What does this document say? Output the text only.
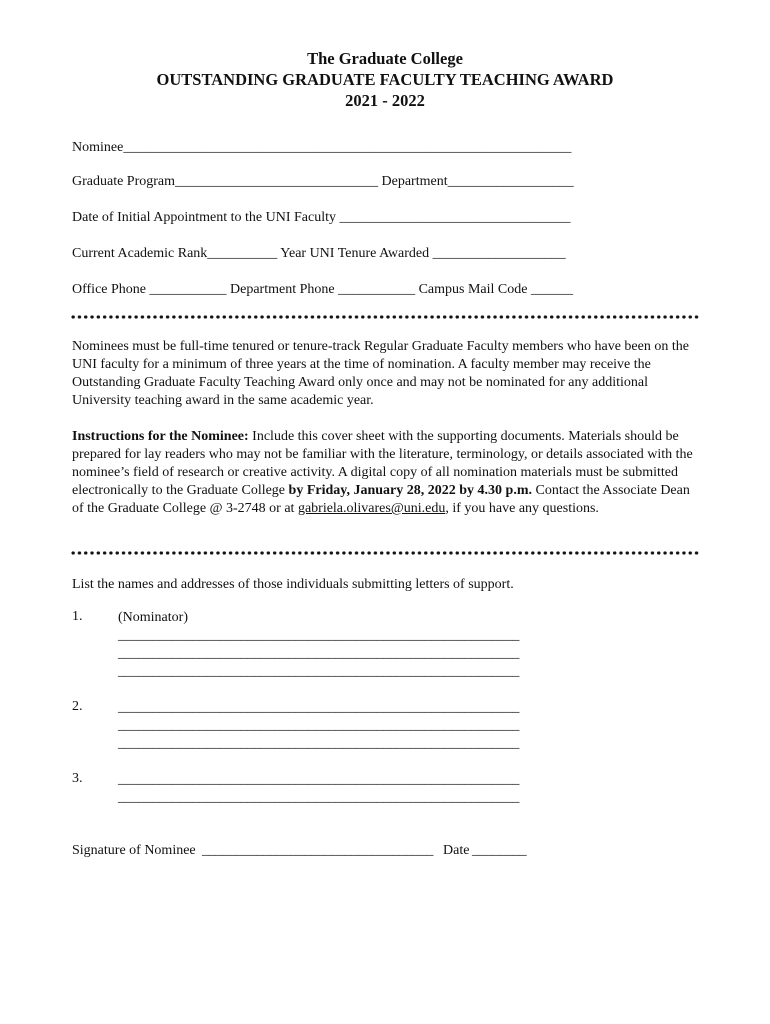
The Graduate College
OUTSTANDING GRADUATE FACULTY TEACHING AWARD
2021 - 2022
Nominee________________________________________________________________
Graduate Program_____________________________ Department__________________
Date of Initial Appointment to the UNI Faculty _________________________________
Current Academic Rank__________ Year UNI Tenure Awarded ___________________
Office Phone ___________ Department Phone ___________ Campus Mail Code ______
Nominees must be full-time tenured or tenure-track Regular Graduate Faculty members who have been on the UNI faculty for a minimum of three years at the time of nomination. A faculty member may receive the Outstanding Graduate Faculty Teaching Award only once and may not be nominated for any additional University teaching award in the same academic year.
Instructions for the Nominee: Include this cover sheet with the supporting documents. Materials should be prepared for lay readers who may not be familiar with the literature, terminology, or details associated with the nominee’s field of research or creative activity. A digital copy of all nomination materials must be submitted electronically to the Graduate College by Friday, January 28, 2022 by 4.30 p.m. Contact the Associate Dean of the Graduate College @ 3-2748 or at gabriela.olivares@uni.edu, if you have any questions.
List the names and addresses of those individuals submitting letters of support.
1.	(Nominator)
___________________________________________________________
___________________________________________________________
___________________________________________________________
2.	___________________________________________________________
___________________________________________________________
___________________________________________________________
3.	___________________________________________________________
___________________________________________________________
Signature of Nominee __________________________________ Date ________
